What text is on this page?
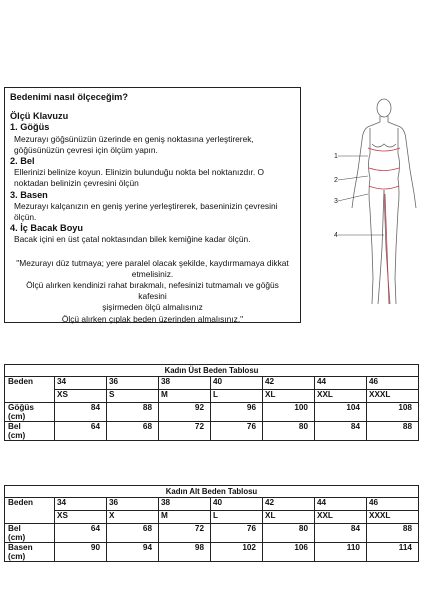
Bedenimi nasıl ölçeceğim?
Ölçü Klavuzu
1. Göğüs
Mezurayı göğsünüzün üzerinde en geniş noktasına yerleştirerek,
göğüsünüzün çevresi için ölçüm yapın.
2. Bel
Ellerinizi belinize koyun. Elinizin bulunduğu nokta bel noktanızdır. O
noktadan belinizin çevresini ölçün
3. Basen
Mezurayı kalçanızın en geniş yerine yerleştirerek, baseninizin çevresini ölçün.
4. İç Bacak Boyu
Bacak içini en üst çatal noktasından bilek kemiğine kadar ölçün.
"Mezurayı düz tutmaya; yere paralel olacak şekilde, kaydırmamaya dikkat
etmelisiniz.
Ölçü alırken kendinizi rahat bırakmalı, nefesinizi tutmamalı ve göğüs kafesini
şişirmeden ölçü almalısınız
Ölçü alırken çıplak beden üzerinden almalısınız."
1
2
3
4
Kadın Üst Beden Tablosu
Beden	34	36	38	40	42	44	46
	XS	S	M	L	XL	XXL	XXXL

Göğüs
(cm)	84	88	92	96	100	104	108

Bel
(cm)	64	68	72	76	80	84	88
Kadın Alt Beden Tablosu
Beden	34	36	38	40	42	44	46
	XS	X	M	L	XL	XXL	XXXL

Bel
(cm)	64	68	72	76	80	84	88

Basen
(cm)	90	94	98	102	106	110	114
